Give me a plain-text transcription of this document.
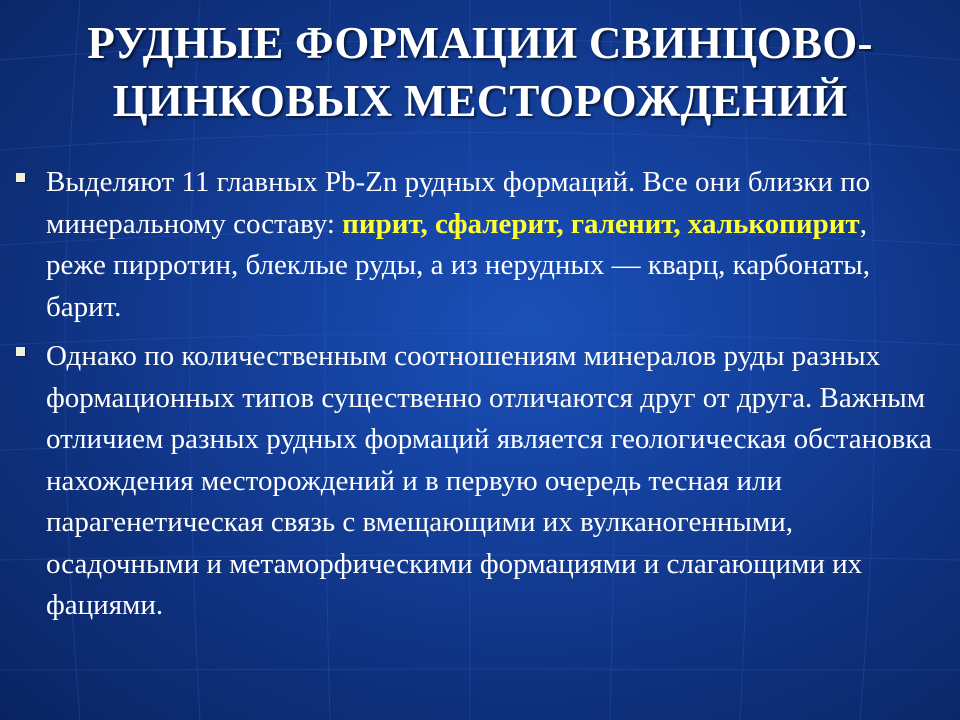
РУДНЫЕ ФОРМАЦИИ СВИНЦОВО-
ЦИНКОВЫХ МЕСТОРОЖДЕНИЙ
Выделяют 11 главных Pb-Zn рудных формаций. Все они близки по минеральному составу: пирит, сфалерит, галенит, халькопирит, реже пирротин, блеклые руды, а из нерудных — кварц, карбонаты, барит.
Однако по количественным соотношениям минералов руды разных формационных типов существенно отличаются друг от друга. Важным отличием разных рудных формаций является геологическая обстановка нахождения месторождений и в первую очередь тесная или парагенетическая связь с вмещающими их вулканогенными, осадочными и метаморфическими формациями и слагающими их фациями.
